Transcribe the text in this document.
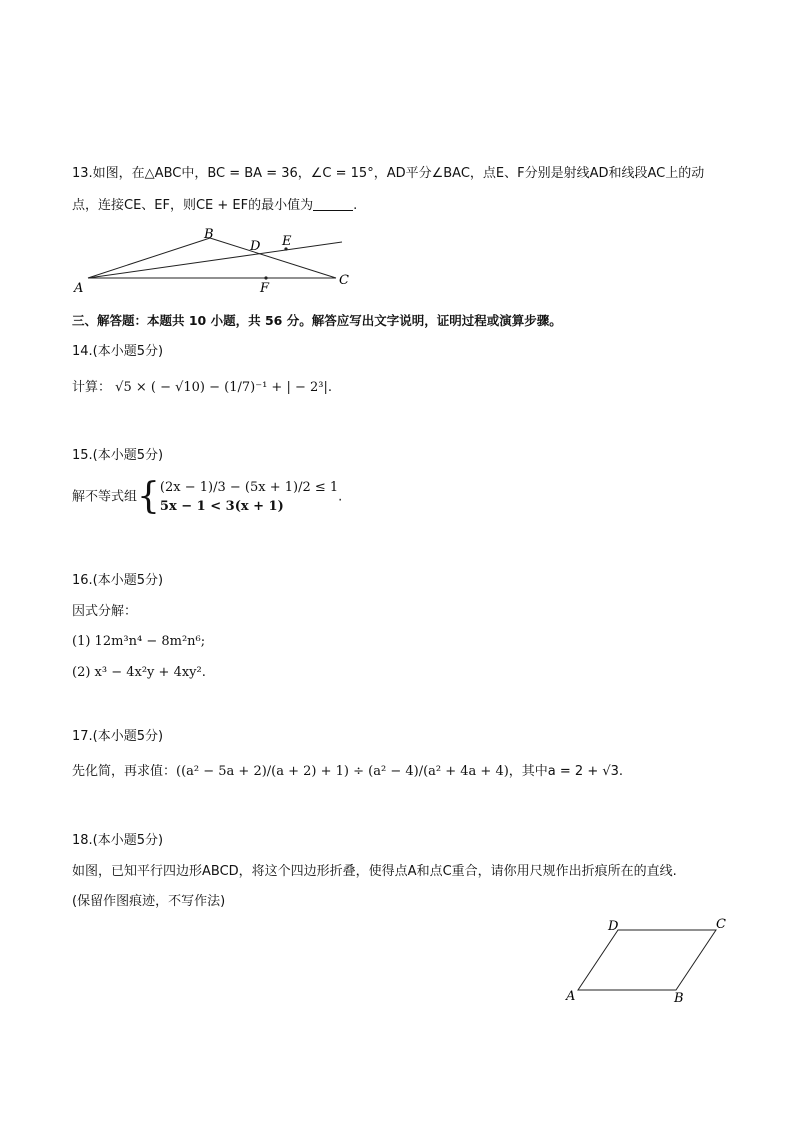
13.如图，在△ABC中，BC = BA = 36，∠C = 15°，AD平分∠BAC，点E、F分别是射线AD和线段AC上的动
点，连接CE、EF，则CE + EF的最小值为	.
A
B
C
D E
F
三、解答题：本题共 10 小题，共 56 分。解答应写出文字说明，证明过程或演算步骤。
14.(本小题5分)
计算： √5 × ( − √10) − (1/7)⁻¹ + | − 2³|.
15.(本小题5分)
解不等式组{ (2x − 1)/3 − (5x + 1)/2 ≤ 1
5x − 1 < 3(x + 1)
.
16.(本小题5分)
因式分解：
(1) 12m³n⁴ − 8m²n⁶;
(2) x³ − 4x²y + 4xy².
17.(本小题5分)
先化简，再求值：((a² − 5a + 2)/(a + 2) + 1) ÷ (a² − 4)/(a² + 4a + 4)，其中a = 2 + √3.
18.(本小题5分)
如图，已知平行四边形ABCD，将这个四边形折叠，使得点A和点C重合，请你用尺规作出折痕所在的直线.
(保留作图痕迹，不写作法)
A	B
C
D
